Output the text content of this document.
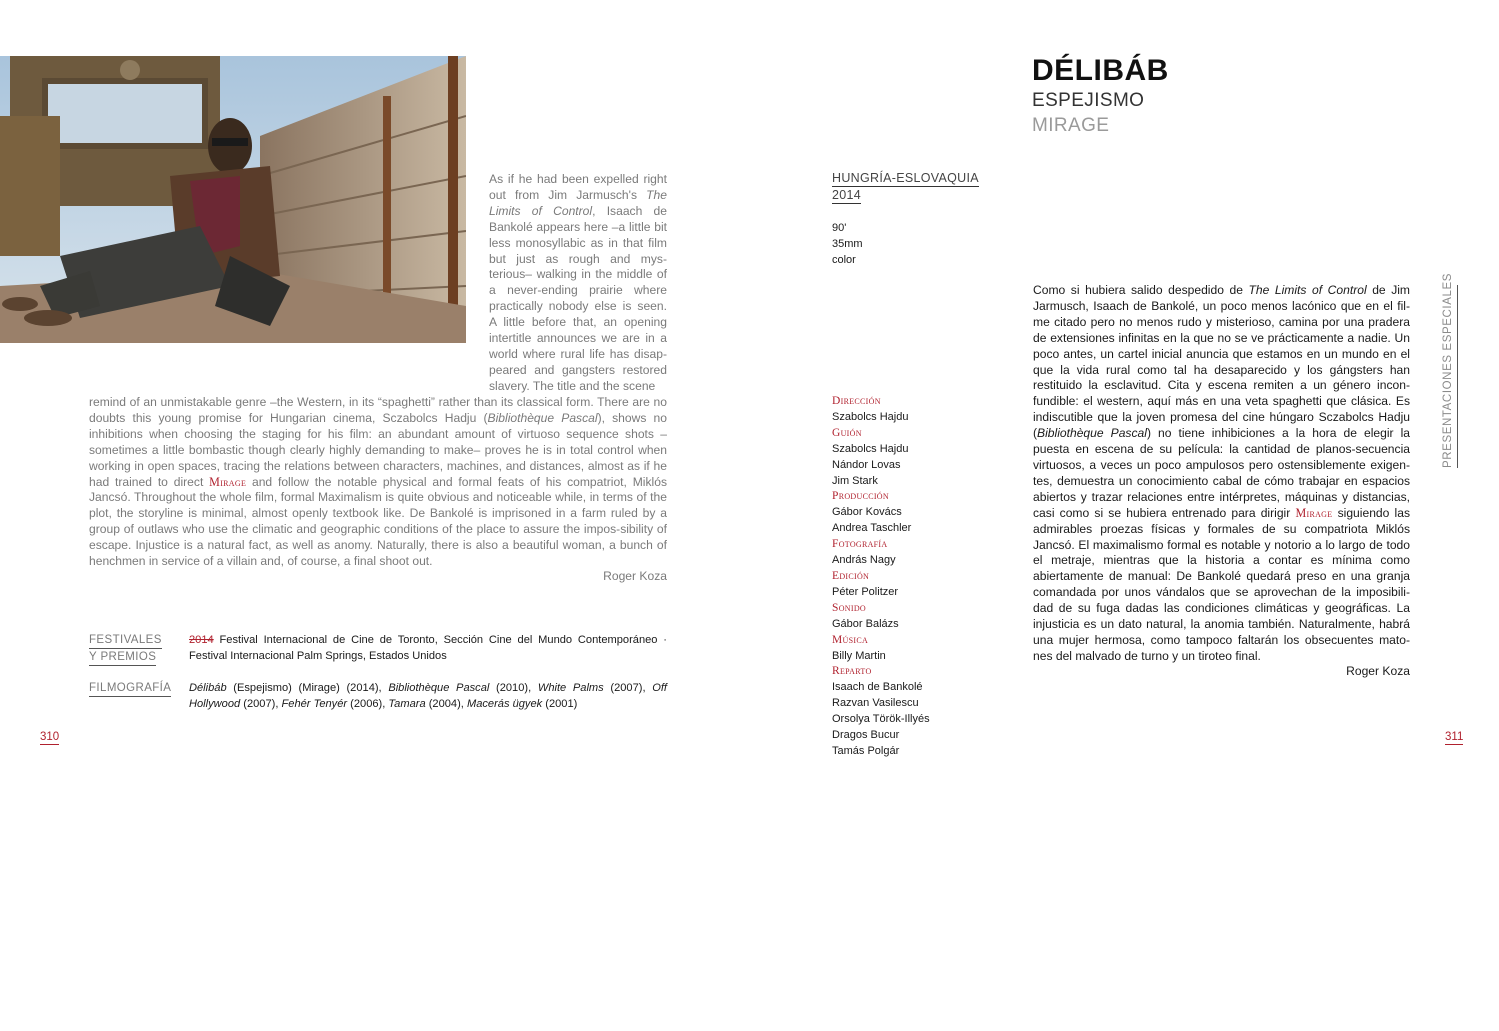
As if he had been expelled right out from Jim Jarmusch's The Limits of Control, Isaach de Bankolé appears here –a little bit less monosyllabic as in that film but just as rough and mys-terious– walking in the middle of a never-ending prairie where practically nobody else is seen. A little before that, an opening intertitle announces we are in a world where rural life has disap-peared and gangsters restored slavery. The title and the scene

remind of an unmistakable genre –the Western, in its “spaghetti” rather than its classical form. There are no doubts this young promise for Hungarian cinema, Sczabolcs Hadju (Bibliothèque Pascal), shows no inhibitions when choosing the staging for his film: an abundant amount of virtuoso sequence shots –sometimes a little bombastic though clearly highly demanding to make– proves he is in total control when working in open spaces, tracing the relations between characters, machines, and distances, almost as if he had trained to direct Mirage and follow the notable physical and formal feats of his compatriot, Miklós Jancsó. Throughout the whole film, formal Maximalism is quite obvious and noticeable while, in terms of the plot, the storyline is minimal, almost openly textbook like. De Bankolé is imprisoned in a farm ruled by a group of outlaws who use the climatic and geographic conditions of the place to assure the impos-sibility of escape. Injustice is a natural fact, as well as anomy. Naturally, there is also a beautiful woman, a bunch of henchmen in service of a villain and, of course, a final shoot out.

Roger Koza
FESTIVALES
Y PREMIOS
2014 Festival Internacional de Cine de Toronto, Sección Cine del Mundo Contemporáneo · Festival Internacional Palm Springs, Estados Unidos
FILMOGRAFÍA Délibáb (Espejismo) (Mirage) (2014), Bibliothèque Pascal (2010), White Palms (2007), Off Hollywood (2007), Fehér Tenyér (2006), Tamara (2004), Macerás ügyek (2001)
310
DÉLIBÁB
ESPEJISMO
MIRAGE
HUNGRÍA-ESLOVAQUIA
2014
90'
35mm
color
Dirección
Szabolcs Hajdu
Guión
Szabolcs Hajdu
Nándor Lovas
Jim Stark
Producción
Gábor Kovács
Andrea Taschler
Fotografía
András Nagy
Edición
Péter Politzer
Sonido
Gábor Balázs
Música
Billy Martin
Reparto
Isaach de Bankolé
Razvan Vasilescu
Orsolya Török-Illyés
Dragos Bucur
Tamás Polgár

Como si hubiera salido despedido de The Limits of Control de Jim Jarmusch, Isaach de Bankolé, un poco menos lacónico que en el fil-me citado pero no menos rudo y misterioso, camina por una pradera de extensiones infinitas en la que no se ve prácticamente a nadie. Un poco antes, un cartel inicial anuncia que estamos en un mundo en el que la vida rural como tal ha desaparecido y los gángsters han restituido la esclavitud. Cita y escena remiten a un género incon-fundible: el western, aquí más en una veta spaghetti que clásica. Es indiscutible que la joven promesa del cine húngaro Sczabolcs Hadju (Bibliothèque Pascal) no tiene inhibiciones a la hora de elegir la puesta en escena de su película: la cantidad de planos-secuencia virtuosos, a veces un poco ampulosos pero ostensiblemente exigen-tes, demuestra un conocimiento cabal de cómo trabajar en espacios abiertos y trazar relaciones entre intérpretes, máquinas y distancias, casi como si se hubiera entrenado para dirigir Mirage siguiendo las admirables proezas físicas y formales de su compatriota Miklós Jancsó. El maximalismo formal es notable y notorio a lo largo de todo el metraje, mientras que la historia a contar es mínima como abiertamente de manual: De Bankolé quedará preso en una granja comandada por unos vándalos que se aprovechan de la imposibili-dad de su fuga dadas las condiciones climáticas y geográficas. La injusticia es un dato natural, la anomia también. Naturalmente, habrá una mujer hermosa, como tampoco faltarán los obsecuentes mato-nes del malvado de turno y un tiroteo final.

Roger Koza
PRESENTACIONES ESPECIALES
311
